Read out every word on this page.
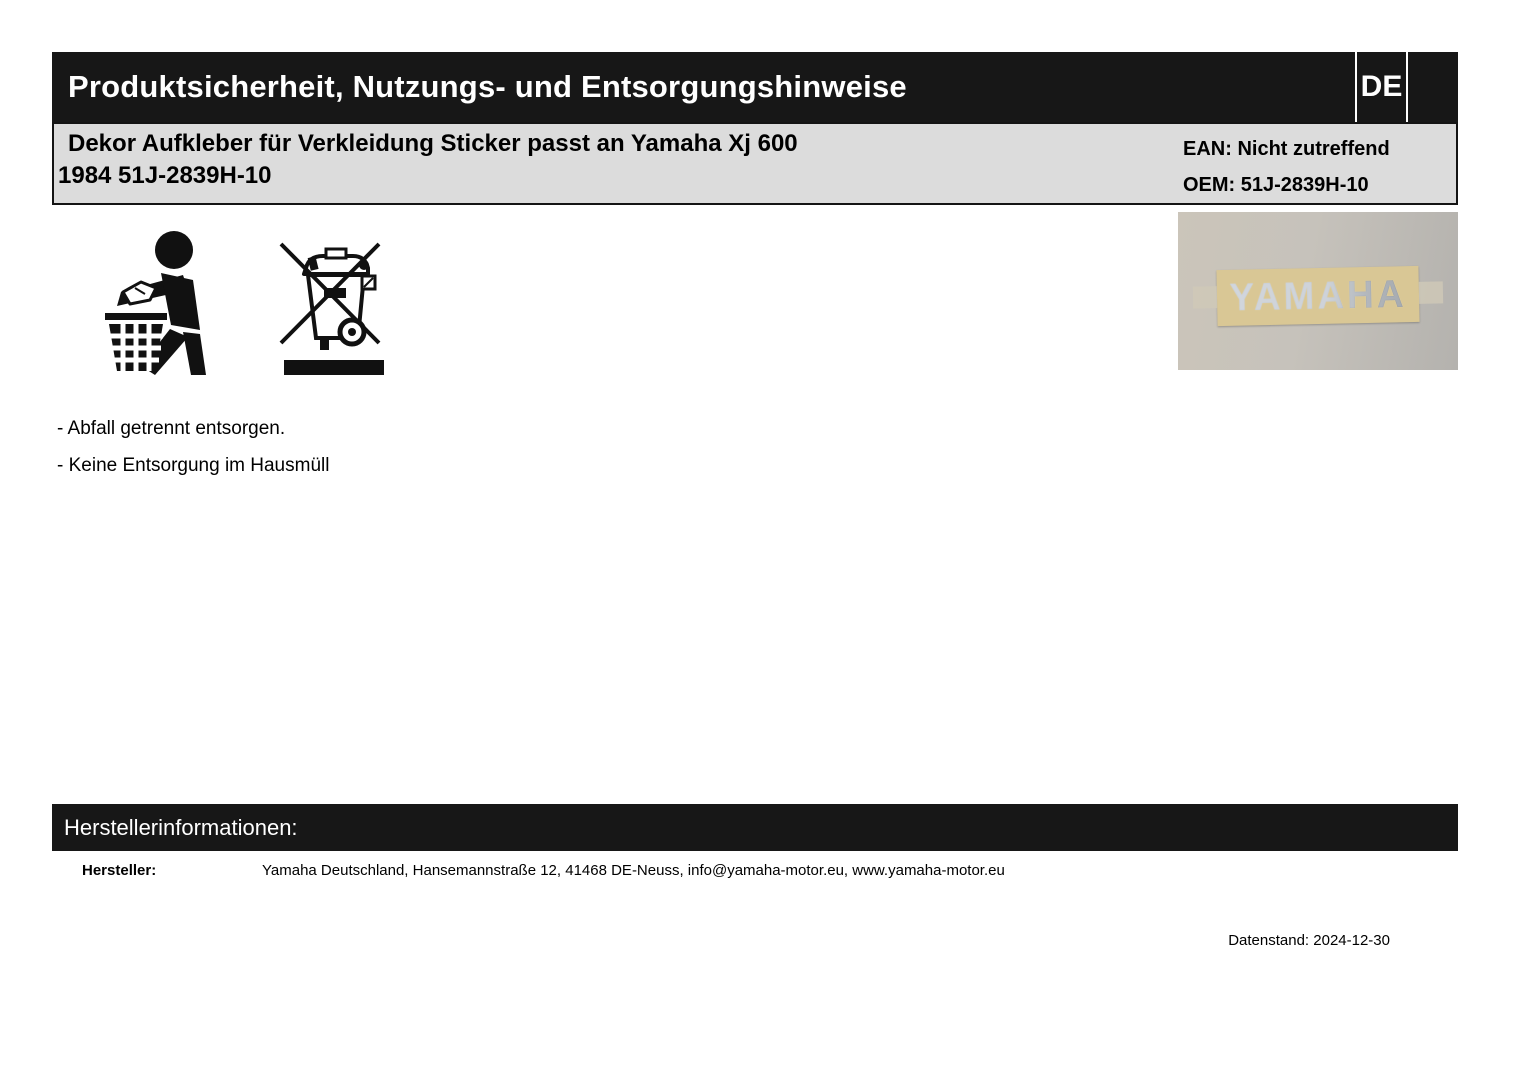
Produktsicherheit, Nutzungs- und Entsorgungshinweise	DE
Dekor Aufkleber für Verkleidung Sticker passt an Yamaha Xj 600
1984 51J-2839H-10
EAN: Nicht zutreffend
OEM: 51J-2839H-10
YAMAHA
- Abfall getrennt entsorgen.
- Keine Entsorgung im Hausmüll
Herstellerinformationen:
Hersteller:	Yamaha Deutschland, Hansemannstraße 12, 41468 DE-Neuss, info@yamaha-motor.eu, www.yamaha-motor.eu
Datenstand: 2024-12-30
